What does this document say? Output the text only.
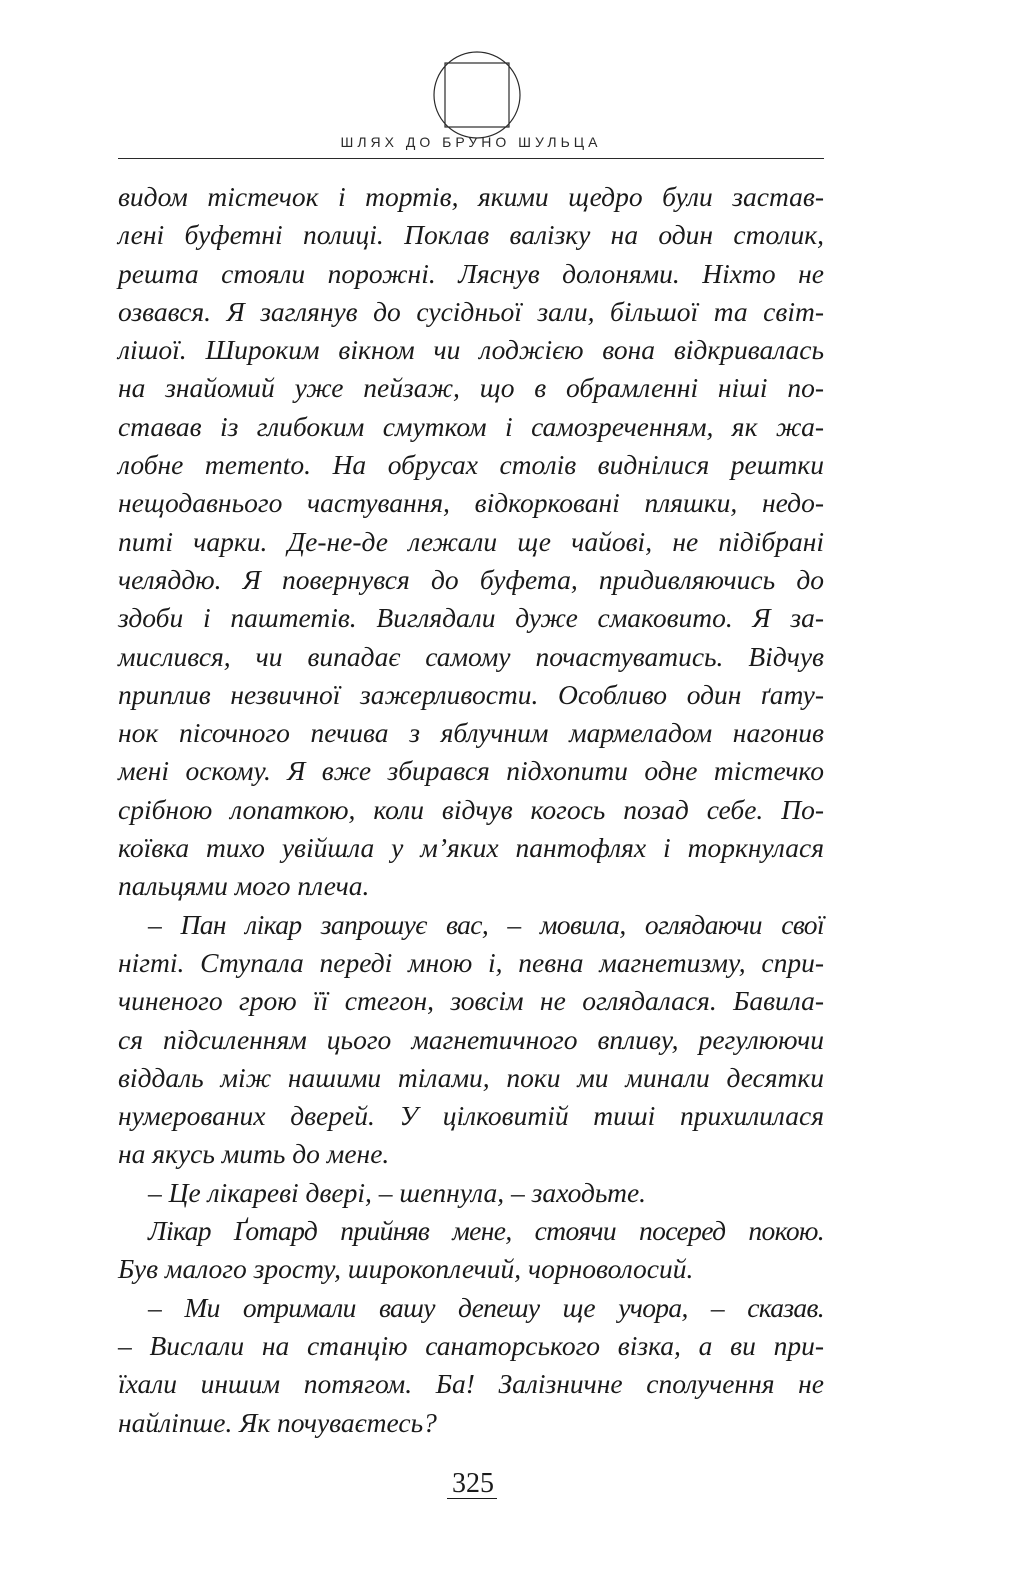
ШЛЯХ ДО БРУНО ШУЛЬЦА

видом тістечок і тортів, якими щедро були застав-
лені буфетні полиці. Поклав валізку на один столик,
решта стояли порожні. Ляснув долонями. Ніхто не
озвався. Я заглянув до сусідньої зали, більшої та світ-
лішої. Широким вікном чи лоджією вона відкривалась
на знайомий уже пейзаж, що в обрамленні ніші по-
ставав із глибоким смутком і самозреченням, як жа-
лобне memento. На обрусах столів виднілися рештки
нещодавнього частування, відкорковані пляшки, недо-
питі чарки. Де-не-де лежали ще чайові, не підібрані
челяддю. Я повернувся до буфета, придивляючись до
здоби і паштетів. Виглядали дуже смаковито. Я за-
мислився, чи випадає самому почастуватись. Відчув
приплив незвичної зажерливости. Особливо один ґату-
нок пісочного печива з яблучним мармеладом нагонив
мені оскому. Я вже збирався підхопити одне тістечко
срібною лопаткою, коли відчув когось позад себе. По-
коївка тихо увійшла у м’яких пантофлях і торкнулася
пальцями мого плеча.

– Пан лікар запрошує вас, – мовила, оглядаючи свої
нігті. Ступала переді мною і, певна магнетизму, спри-
чиненого грою її стегон, зовсім не оглядалася. Бавила-
ся підсиленням цього магнетичного впливу, регулюючи
віддаль між нашими тілами, поки ми минали десятки
нумерованих дверей. У цілковитій тиші прихилилася
на якусь мить до мене.

– Це лікареві двері, – шепнула, – заходьте.

Лікар Ґотард прийняв мене, стоячи посеред покою.
Був малого зросту, широкоплечий, чорноволосий.

– Ми отримали вашу депешу ще учора, – сказав.
– Вислали на станцію санаторського візка, а ви при-
їхали иншим потягом. Ба! Залізничне сполучення не
найліпше. Як почуваєтесь?

325
